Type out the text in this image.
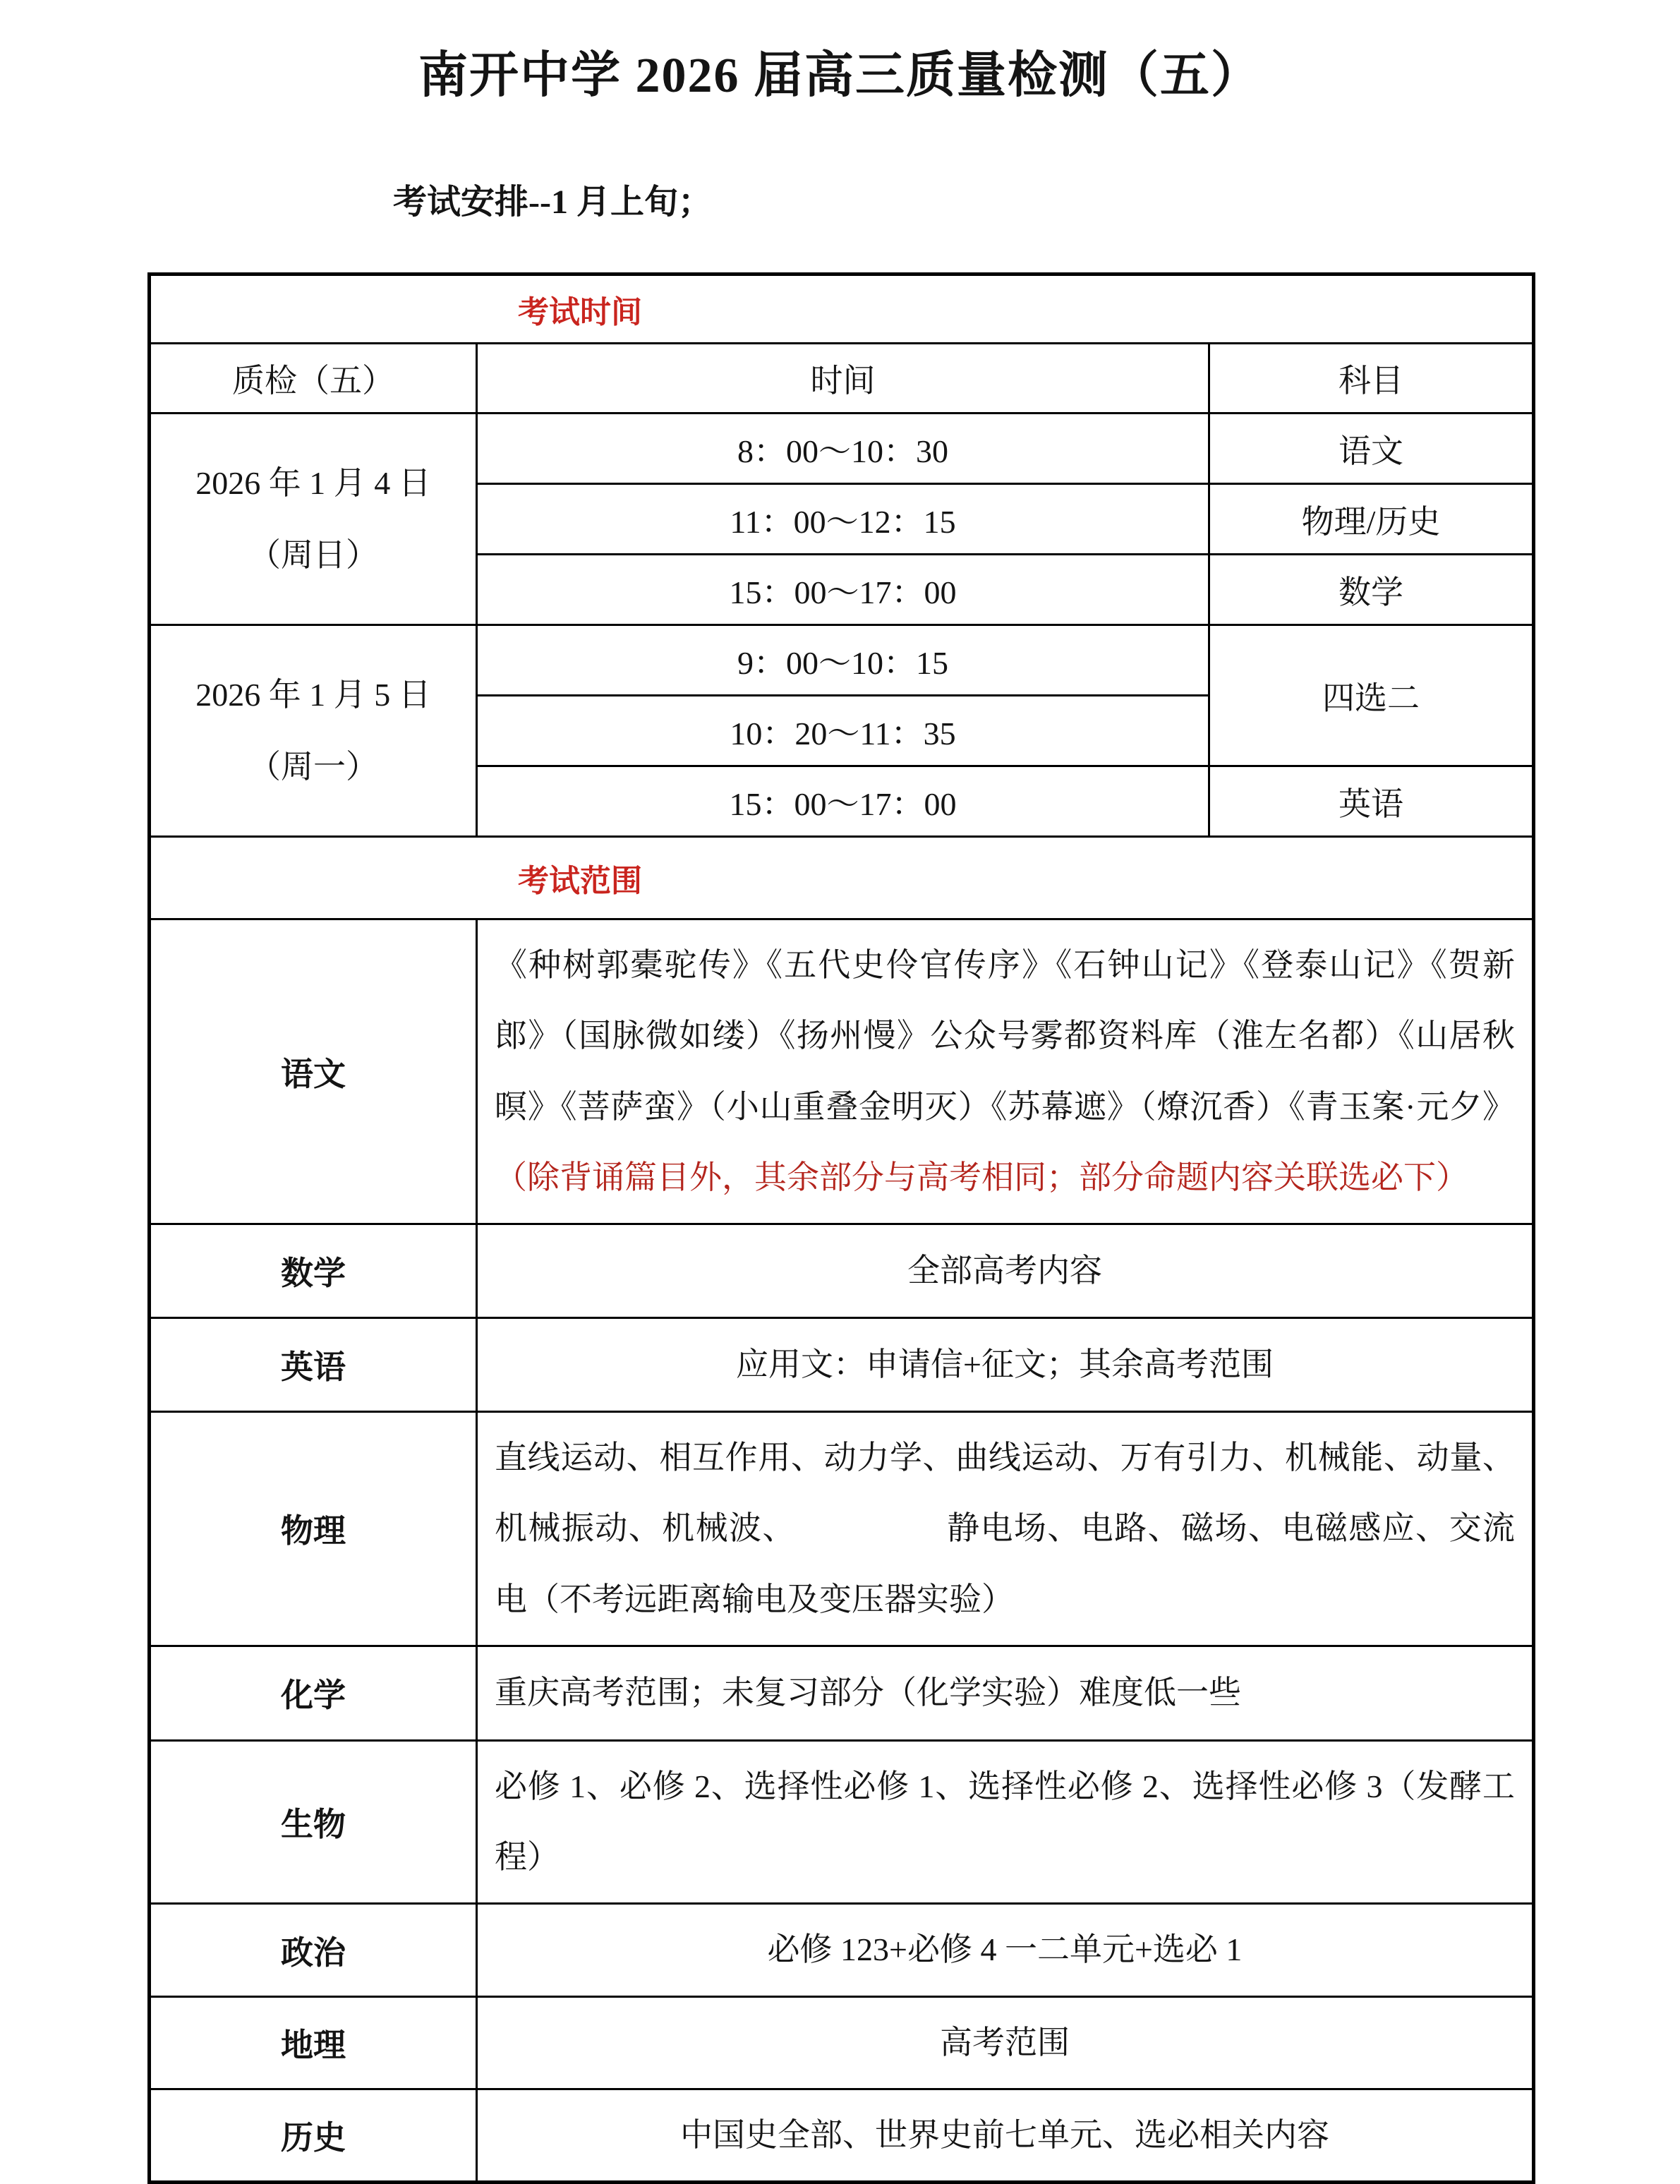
南开中学 2026 届高三质量检测（五）

考试安排--1 月上旬；

考试时间		
质检（五）	时间	科目

2026 年 1 月 4 日
（周日）	8：00～10：30	语文
	11：00～12：15	物理/历史
	15：00～17：00	数学

2026 年 1 月 5 日
（周一）	9：00～10：15	四选二
	10：20～11：35	
	15：00～17：00	英语
考试范围		
语文	《种树郭橐驼传》《五代史伶官传序》《石钟山记》《登泰山记》《贺新郎》（国脉微如缕）《扬州慢》公众号雾都资料库（淮左名都）《山居秋暝》《菩萨蛮》（小山重叠金明灭）《苏幕遮》（燎沉香）《青玉案·元夕》（除背诵篇目外，其余部分与高考相同；部分命题内容关联选必下）	
数学	全部高考内容	
英语	应用文：申请信+征文；其余高考范围	
物理	直线运动、相互作用、动力学、曲线运动、万有引力、机械能、动量、机械振动、机械波、　　　　　静电场、电路、磁场、电磁感应、交流电（不考远距离输电及变压器实验）	
化学	重庆高考范围；未复习部分（化学实验）难度低一些	
生物	必修 1、必修 2、选择性必修 1、选择性必修 2、选择性必修 3（发酵工程）	
政治	必修 123+必修 4 一二单元+选必 1	
地理	高考范围	
历史	中国史全部、世界史前七单元、选必相关内容	
